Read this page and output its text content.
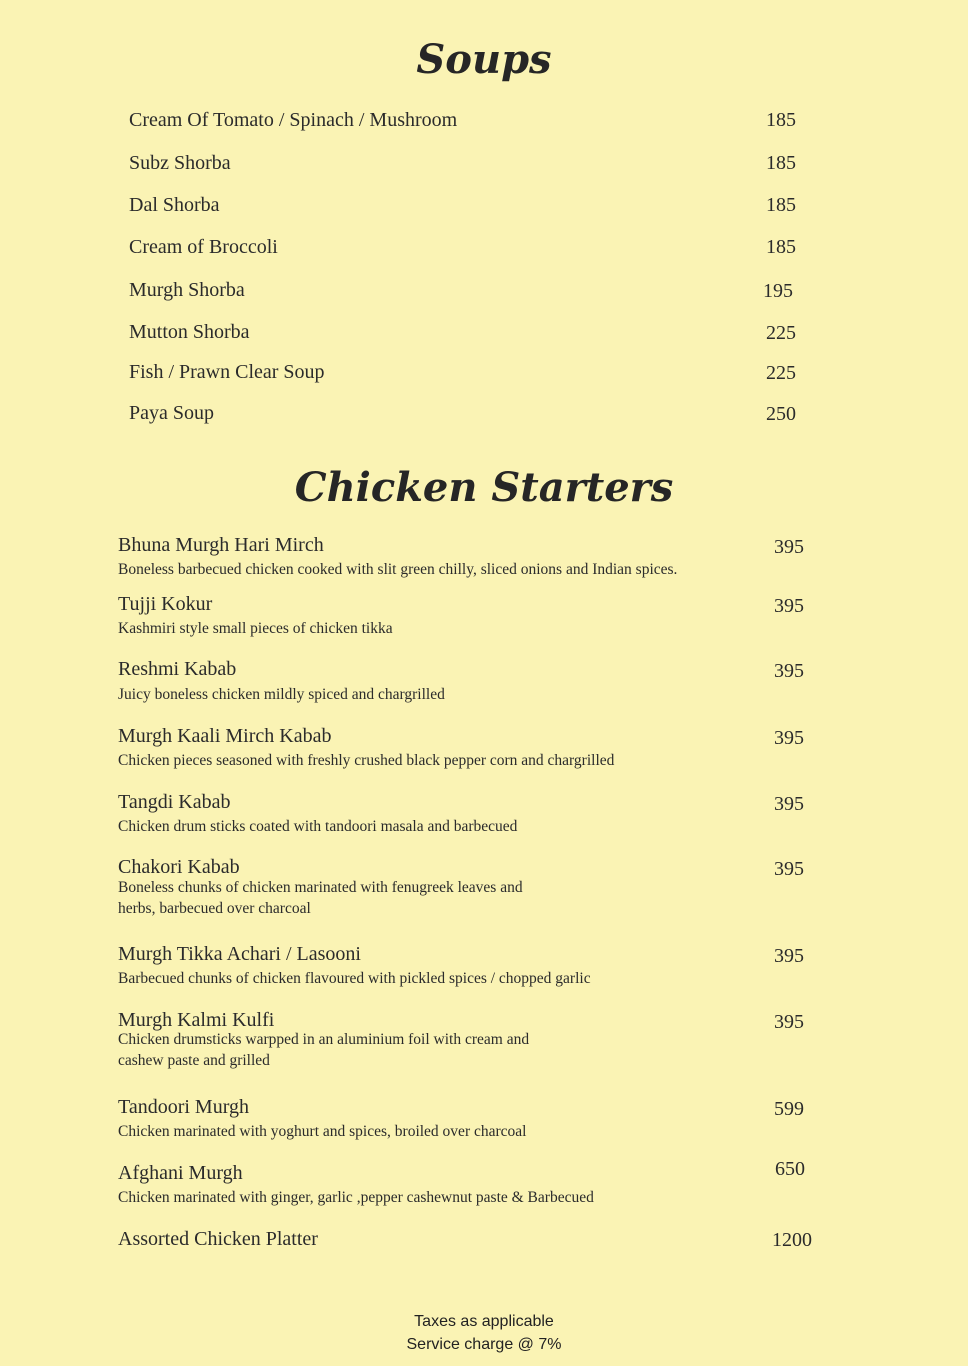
Soups
Cream Of Tomato / Spinach / Mushroom	185
Subz Shorba	185
Dal Shorba	185
Cream of Broccoli	185
Murgh Shorba	195
Mutton Shorba	225
Fish / Prawn Clear Soup	225
Paya Soup	250
Chicken Starters
Bhuna Murgh Hari Mirch
Boneless barbecued chicken cooked with slit green chilly, sliced onions and Indian spices.
395
Tujji Kokur
Kashmiri style small pieces of chicken tikka
395
Reshmi Kabab
Juicy boneless chicken mildly spiced and chargrilled
395
Murgh Kaali Mirch Kabab
Chicken pieces seasoned with freshly crushed black pepper corn and chargrilled
395
Tangdi Kabab
Chicken drum sticks coated with tandoori masala and barbecued
395
Chakori Kabab
Boneless chunks of chicken marinated with fenugreek leaves and
herbs, barbecued over charcoal
395
Murgh Tikka Achari / Lasooni
Barbecued chunks of chicken flavoured with pickled spices / chopped garlic
395
Murgh Kalmi Kulfi
Chicken drumsticks warpped in an aluminium foil with cream and
cashew paste and grilled
395
Tandoori Murgh
Chicken marinated with yoghurt and spices, broiled over charcoal
599
Afghani Murgh
Chicken marinated with ginger, garlic ,pepper cashewnut paste & Barbecued
650
Assorted Chicken Platter	1200
Taxes as applicable
Service charge @ 7%
